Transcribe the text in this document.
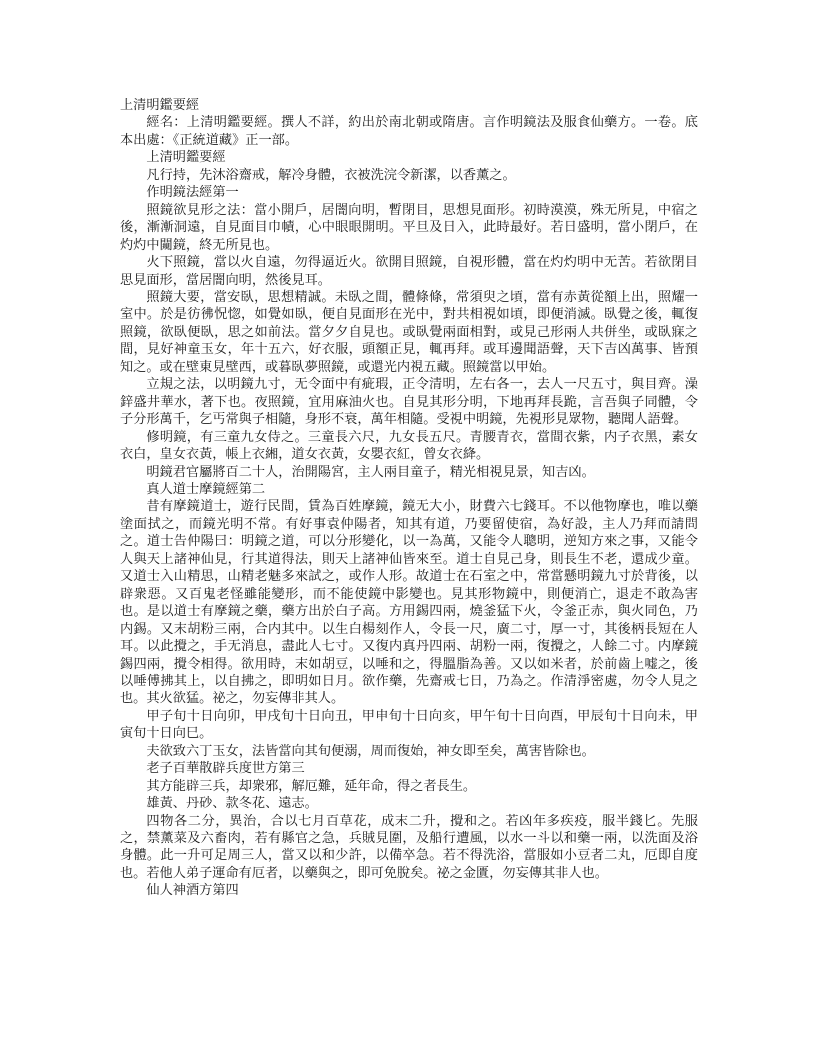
上清明鑑要經

經名：上清明鑑要經。撰人不詳，約出於南北朝或隋唐。言作明鏡法及服食仙藥方。一卷。底本出處：《正統道藏》正一部。

上清明鑑要經

凡行持，先沐浴齋戒，解冷身體，衣被洗浣令新潔，以香薰之。

作明鏡法經第一

照鏡欲見形之法：當小開戶，居闇向明，暫閉目，思想見面形。初時漠漠，殊无所見，中宿之後，漸漸洞遠，自見面目巾幘，心中眼眼開明。平旦及日入，此時最好。若日盛明，當小閉戶，在灼灼中闚鏡，終无所見也。

火下照鏡，當以火自遠，勿得逼近火。欲開目照鏡，自視形體，當在灼灼明中无苦。若欲閉目思見面形，當居闇向明，然後見耳。

照鏡大要，當安臥，思想精誠。未臥之間，體條條，常須臾之頃，當有赤黃從額上出，照耀一室中。於是彷彿怳惚，如覺如臥，便自見面形在光中，對共相視如頃，即便消滅。臥覺之後，輒復照鏡，欲臥便臥，思之如前法。當夕夕自見也。或臥覺兩面相對，或見己形兩人共併坐，或臥寐之間，見好神童玉女，年十五六，好衣服，頭額正見，輒再拜。或耳邊聞語聲，天下吉凶萬事、皆預知之。或在壁東見壁西，或暮臥夢照鏡，或還光内視五藏。照鏡當以甲始。

立規之法，以明鏡九寸，无令面中有疵瑕，正令清明，左右各一，去人一尺五寸，與目齊。澡鋅盛井華水，著下也。夜照鏡，宜用麻油火也。自見其形分明，下地再拜長跪，言吾與子同體，令子分形萬千，乞丐常與子相隨，身形不衰，萬年相隨。受視中明鏡，先視形見眾物，聽聞人語聲。

修明鏡，有三童九女侍之。三童長六尺，九女長五尺。青腰青衣，當間衣紫，内子衣黑，素女衣白，皇女衣黃，帳上衣緗，道女衣黃，女嬰衣紅，曾女衣絳。

明鏡君官屬將百二十人，治開陽宮，主人兩目童子，精光相視見景，知吉凶。

真人道士摩鏡經第二

昔有摩鏡道士，遊行民間，賃為百姓摩鏡，鏡无大小，財費六七錢耳。不以他物摩也，唯以藥塗面拭之，而鏡光明不常。有好事袁仲陽者，知其有道，乃要留使宿，為好設，主人乃拜而請問之。道士告仲陽曰：明鏡之道，可以分形變化，以一為萬，又能令人聰明，逆知方來之事，又能令人與天上諸神仙見，行其道得法，則天上諸神仙皆來至。道士自見己身，則長生不老，還成少童。又道士入山精思，山精老魅多來試之，或作人形。故道士在石室之中，常當懸明鏡九寸於背後，以辟衆惡。又百鬼老怪雖能變形，而不能使鏡中影變也。見其形物鏡中，則便消亡，退走不敢為害也。是以道士有摩鏡之藥，藥方出於白子高。方用錫四兩，燒釜猛下火，令釜正赤，與火同色，乃内錫。又末胡粉三兩，合内其中。以生白楊刻作人，令長一尺，廣二寸，厚一寸，其後柄長短在人耳。以此攪之，手无消息，盡此人七寸。又復内真丹四兩、胡粉一兩，復攪之，人餘二寸。内摩鏡錫四兩，攪令相得。欲用時，末如胡豆，以唾和之，得膃脂為善。又以如米者，於前齒上嘘之，後以唾傅拂其上，以自拂之，即明如日月。欲作藥，先齋戒七日，乃為之。作清淨密處，勿令人見之也。其火欲猛。祕之，勿妄傳非其人。

甲子旬十日向卯，甲戌旬十日向丑，甲申旬十日向亥，甲午旬十日向酉，甲辰旬十日向未，甲寅旬十日向巳。

夫欲致六丁玉女，法皆當向其旬便溺，周而復始，神女即至矣，萬害皆除也。

老子百華散辟兵度世方第三

其方能辟三兵，却衆邪，解厄難，延年命，得之者長生。

雄黃、丹砂、款冬花、遠志。

四物各二分，異治，合以七月百草花，成末二升，攪和之。若凶年多疾疫，服半錢匕。先服之，禁薰菜及六畜肉，若有縣官之急，兵賊見圍，及船行遭風，以水一斗以和藥一兩，以洗面及浴身體。此一升可足周三人，當又以和少許，以備卒急。若不得洗浴，當服如小豆者二丸，厄即自度也。若他人弟子運命有厄者，以藥與之，即可免脫矣。祕之金匱，勿妄傳其非人也。

仙人神酒方第四
